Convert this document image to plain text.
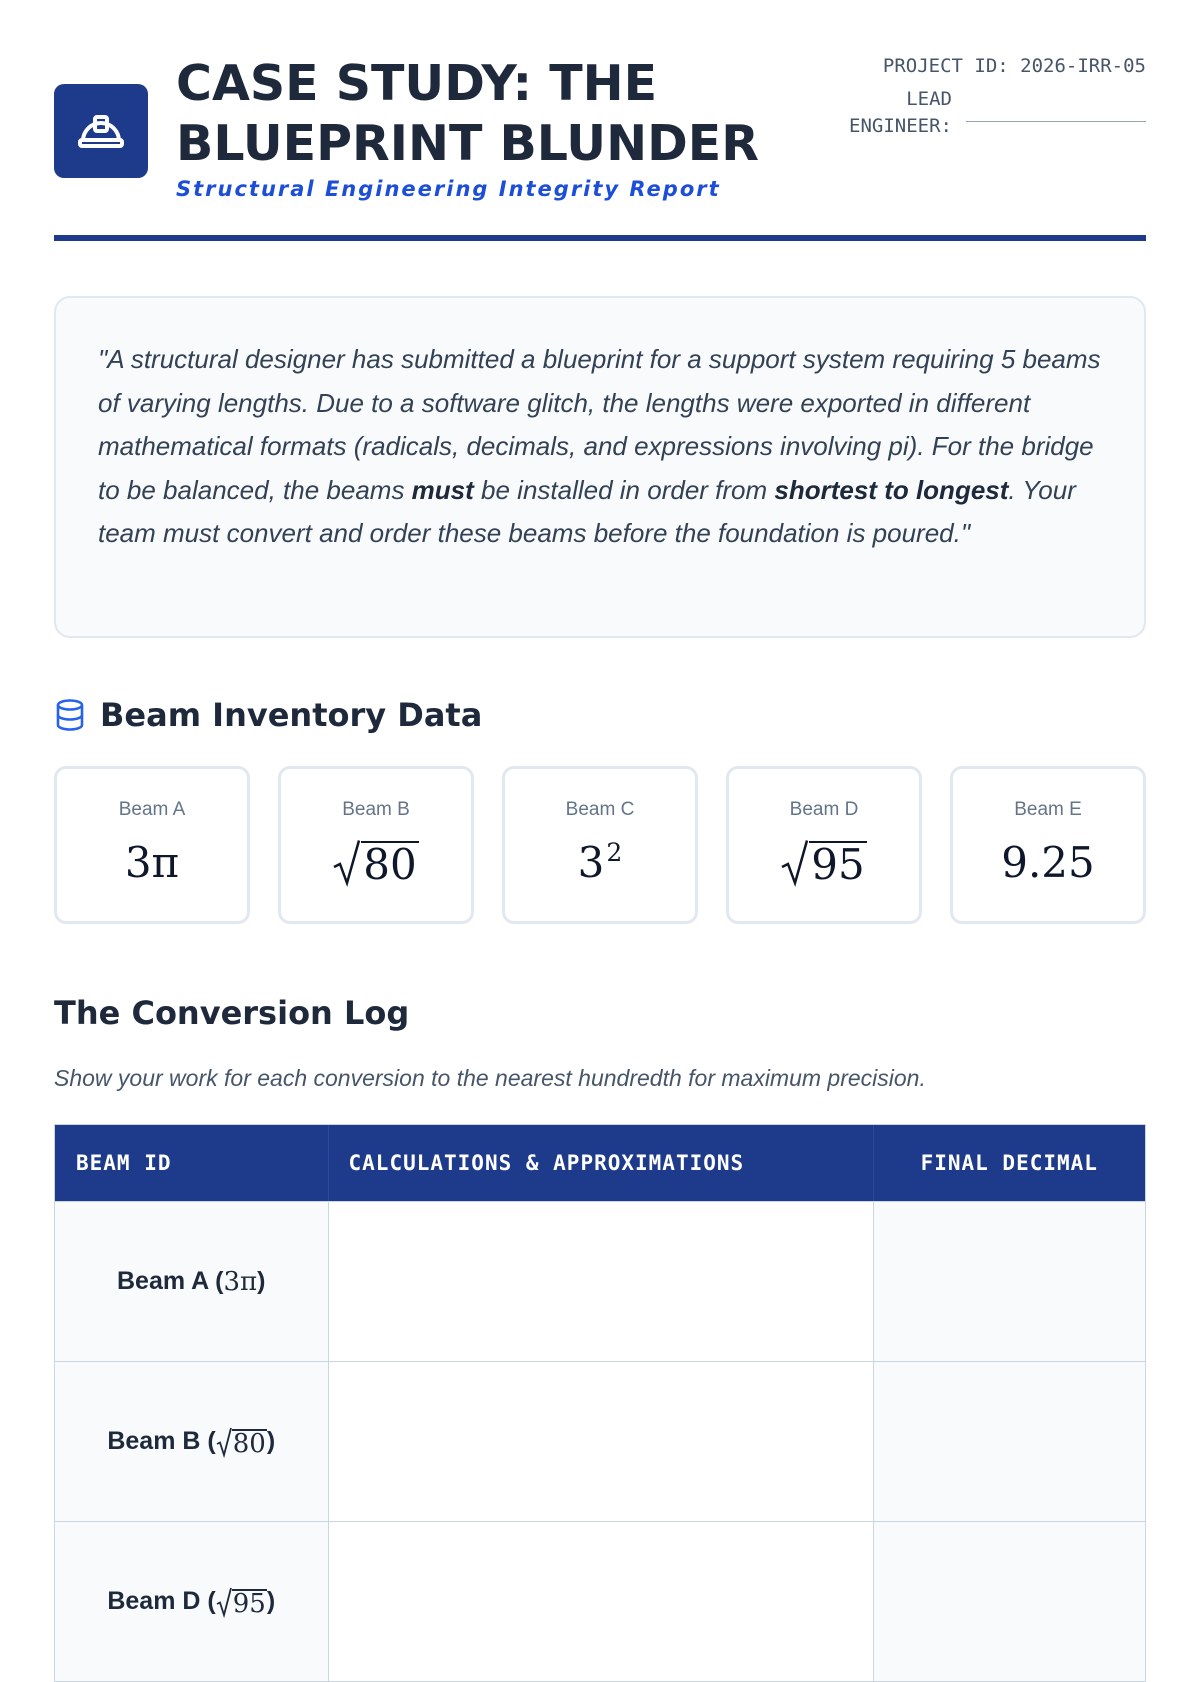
CASE STUDY: THE BLUEPRINT BLUNDER
Structural Engineering Integrity Report
PROJECT ID: 2026-IRR-05
LEAD ENGINEER:
"A structural designer has submitted a blueprint for a support system requiring 5 beams of varying lengths. Due to a software glitch, the lengths were exported in different mathematical formats (radicals, decimals, and expressions involving pi). For the bridge to be balanced, the beams must be installed in order from shortest to longest. Your team must convert and order these beams before the foundation is poured."
Beam Inventory Data
Beam A
3π
Beam B
80
Beam C
3 2
Beam D
95
Beam E
9.25
The Conversion Log

Show your work for each conversion to the nearest hundredth for maximum precision.

BEAM ID	CALCULATIONS & APPROXIMATIONS	FINAL DECIMAL
Beam A ( 3π )
Beam B ( 80 )
Beam D ( 95 )
